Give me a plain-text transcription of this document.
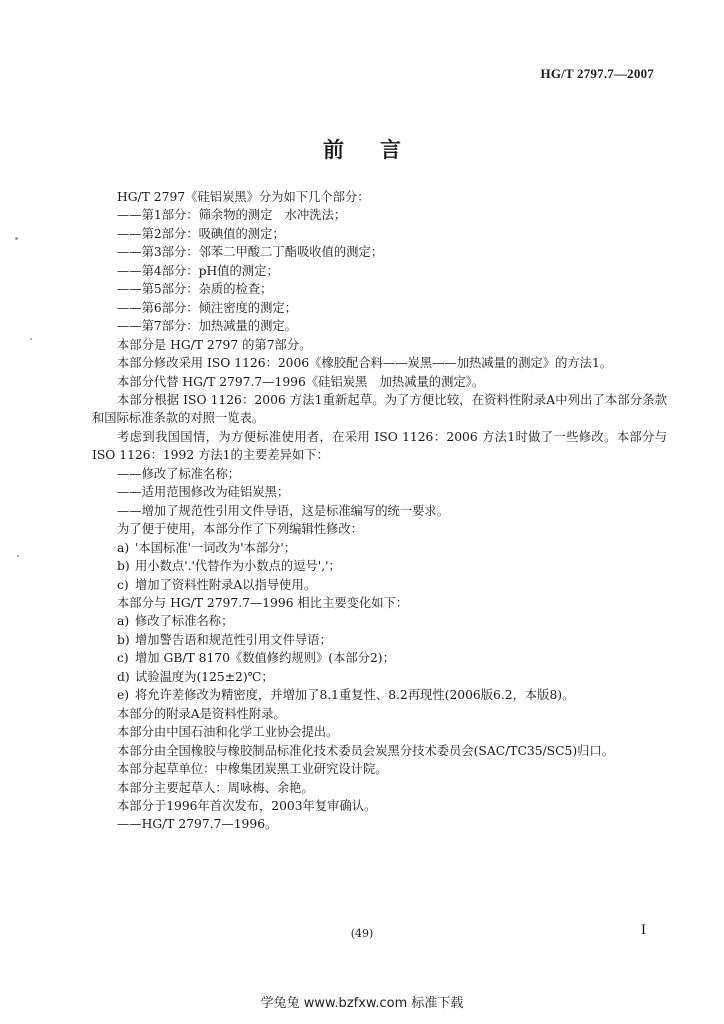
HG/T 2797.7—2007
前言

HG/T 2797《硅铝炭黑》分为如下几个部分：

——第1部分：筛余物的测定　水冲洗法；

——第2部分：吸碘值的测定；

——第3部分：邻苯二甲酸二丁酯吸收值的测定；

——第4部分：pH值的测定；

——第5部分：杂质的检查；

——第6部分：倾注密度的测定；

——第7部分：加热减量的测定。

本部分是 HG/T 2797 的第7部分。

本部分修改采用 ISO 1126：2006《橡胶配合料——炭黑——加热减量的测定》的方法1。

本部分代替 HG/T 2797.7—1996《硅铝炭黑　加热减量的测定》。

本部分根据 ISO 1126：2006 方法1重新起草。为了方便比较，在资料性附录A中列出了本部分条款和国际标准条款的对照一览表。

考虑到我国国情，为方便标准使用者，在采用 ISO 1126：2006 方法1时做了一些修改。本部分与 ISO 1126：1992 方法1的主要差异如下：

——修改了标准名称；

——适用范围修改为硅铝炭黑；

——增加了规范性引用文件导语，这是标准编写的统一要求。

为了便于使用，本部分作了下列编辑性修改：

a) '本国标准'一词改为'本部分'；

b) 用小数点'.'代替作为小数点的逗号','；

c) 增加了资料性附录A以指导使用。

本部分与 HG/T 2797.7—1996 相比主要变化如下：

a) 修改了标准名称；

b) 增加警告语和规范性引用文件导语；

c) 增加 GB/T 8170《数值修约规则》(本部分2)；

d) 试验温度为(125±2)℃；

e) 将允许差修改为精密度，并增加了8.1重复性、8.2再现性(2006版6.2，本版8)。

本部分的附录A是资料性附录。

本部分由中国石油和化学工业协会提出。

本部分由全国橡胶与橡胶制品标准化技术委员会炭黑分技术委员会(SAC/TC35/SC5)归口。

本部分起草单位：中橡集团炭黑工业研究设计院。

本部分主要起草人：周咏梅、余艳。

本部分于1996年首次发布，2003年复审确认。

——HG/T 2797.7—1996。

(49)	I
学兔兔 www.bzfxw.com 标准下载
